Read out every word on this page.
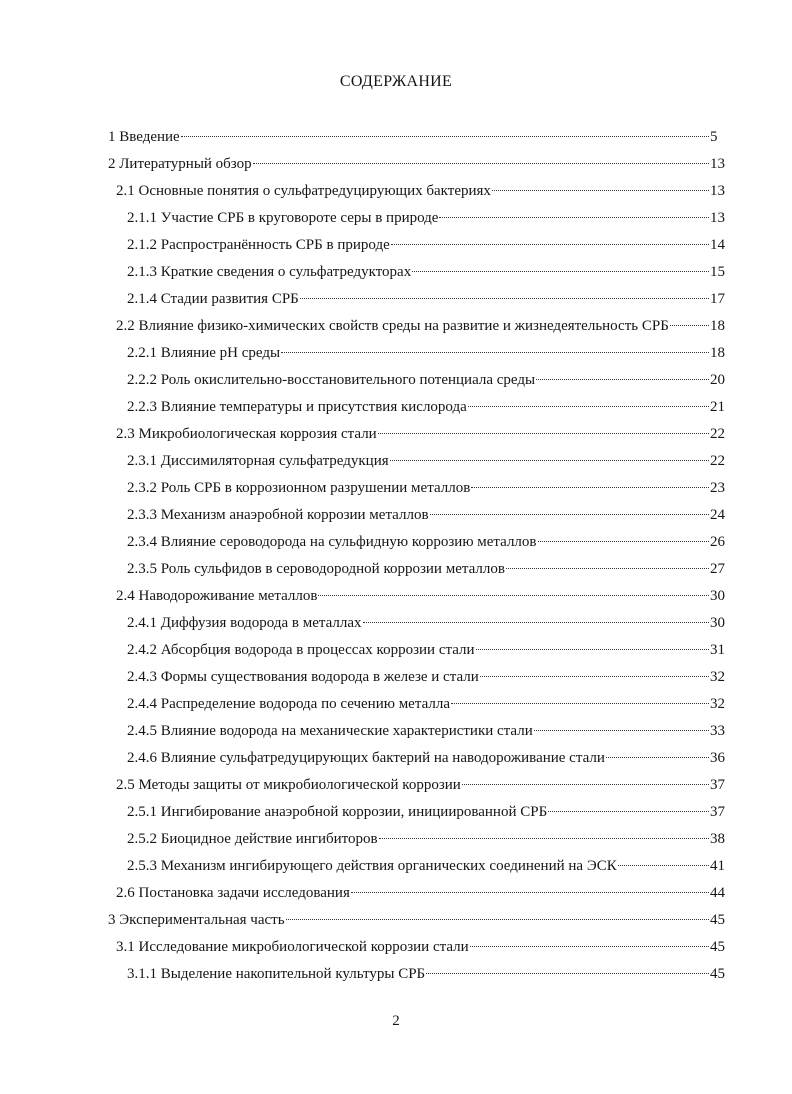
СОДЕРЖАНИЕ
1 Введение	5
2 Литературный обзор	13
2.1 Основные понятия о сульфатредуцирующих бактериях	13
2.1.1 Участие СРБ в круговороте серы в природе	13
2.1.2 Распространённость СРБ в природе	14
2.1.3 Краткие сведения о сульфатредукторах	15
2.1.4 Стадии развития СРБ	17
2.2 Влияние физико-химических свойств среды на развитие и жизнедеятельность СРБ	18
2.2.1 Влияние pH среды	18
2.2.2 Роль окислительно-восстановительного потенциала среды	20
2.2.3 Влияние температуры и присутствия кислорода	21
2.3 Микробиологическая коррозия стали	22
2.3.1 Диссимиляторная сульфатредукция	22
2.3.2 Роль СРБ в коррозионном разрушении металлов	23
2.3.3 Механизм анаэробной коррозии металлов	24
2.3.4 Влияние сероводорода на сульфидную коррозию металлов	26
2.3.5 Роль сульфидов в сероводородной коррозии металлов	27
2.4 Наводороживание металлов	30
2.4.1 Диффузия водорода в металлах	30
2.4.2 Абсорбция водорода в процессах коррозии стали	31
2.4.3 Формы существования водорода в железе и стали	32
2.4.4 Распределение водорода по сечению металла	32
2.4.5 Влияние водорода на механические характеристики стали	33
2.4.6 Влияние сульфатредуцирующих бактерий на наводороживание стали	36
2.5 Методы защиты от микробиологической коррозии	37
2.5.1 Ингибирование анаэробной коррозии, инициированной СРБ	37
2.5.2 Биоцидное действие ингибиторов	38
2.5.3 Механизм ингибирующего действия органических соединений на ЭСК	41
2.6 Постановка задачи исследования	44
3 Экспериментальная часть	45
3.1 Исследование микробиологической коррозии стали	45
3.1.1 Выделение накопительной культуры СРБ	45
2
